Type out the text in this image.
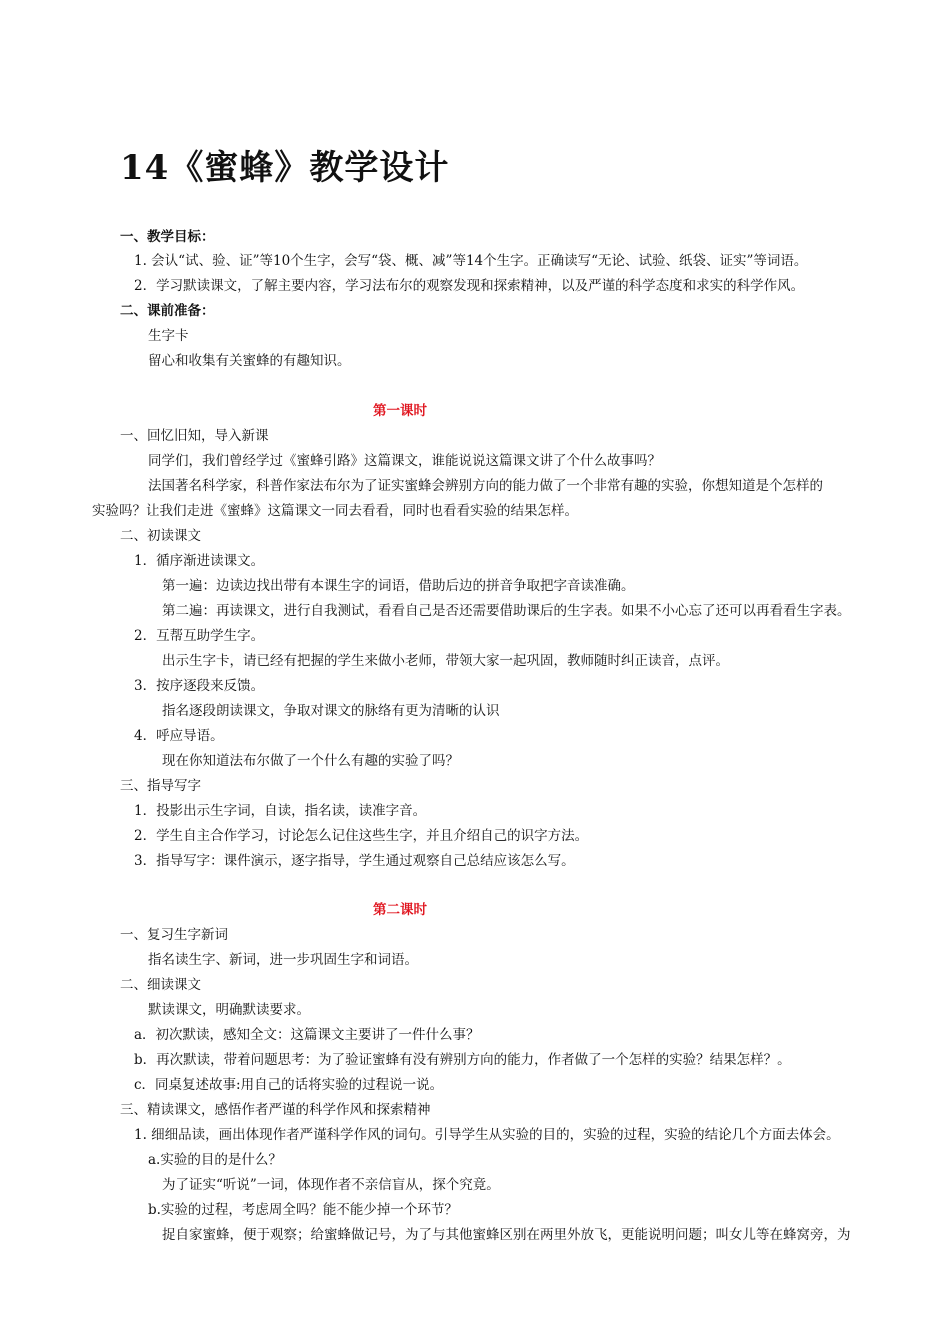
14《蜜蜂》教学设计
一、教学目标：
1. 会认“试、验、证”等10个生字，会写“袋、概、减”等14个生字。正确读写“无论、试验、纸袋、证实”等词语。
2．学习默读课文，了解主要内容，学习法布尔的观察发现和探索精神，以及严谨的科学态度和求实的科学作风。
二、课前准备：
生字卡
留心和收集有关蜜蜂的有趣知识。
第一课时
一、回忆旧知，导入新课
同学们，我们曾经学过《蜜蜂引路》这篇课文，谁能说说这篇课文讲了个什么故事吗？
法国著名科学家，科普作家法布尔为了证实蜜蜂会辨别方向的能力做了一个非常有趣的实验，你想知道是个怎样的
实验吗？让我们走进《蜜蜂》这篇课文一同去看看，同时也看看实验的结果怎样。
二、初读课文
1．循序渐进读课文。
第一遍：边读边找出带有本课生字的词语，借助后边的拼音争取把字音读准确。
第二遍：再读课文，进行自我测试，看看自己是否还需要借助课后的生字表。如果不小心忘了还可以再看看生字表。
2．互帮互助学生字。
出示生字卡，请已经有把握的学生来做小老师，带领大家一起巩固，教师随时纠正读音，点评。
3．按序逐段来反馈。
指名逐段朗读课文，争取对课文的脉络有更为清晰的认识
4．呼应导语。
现在你知道法布尔做了一个什么有趣的实验了吗？
三、指导写字
1．投影出示生字词，自读，指名读，读准字音。
2．学生自主合作学习，讨论怎么记住这些生字，并且介绍自己的识字方法。
3．指导写字：课件演示，逐字指导，学生通过观察自己总结应该怎么写。
第二课时
一、复习生字新词
指名读生字、新词，进一步巩固生字和词语。
二、细读课文
默读课文，明确默读要求。
a．初次默读，感知全文：这篇课文主要讲了一件什么事？
b．再次默读，带着问题思考：为了验证蜜蜂有没有辨别方向的能力，作者做了一个怎样的实验？结果怎样？。
c．同桌复述故事:用自己的话将实验的过程说一说。
三、精读课文，感悟作者严谨的科学作风和探索精神
1. 细细品读，画出体现作者严谨科学作风的词句。引导学生从实验的目的，实验的过程，实验的结论几个方面去体会。
a.实验的目的是什么？
为了证实“听说”一词，体现作者不亲信盲从，探个究竟。
b.实验的过程，考虑周全吗？能不能少掉一个环节？
捉自家蜜蜂，便于观察；给蜜蜂做记号，为了与其他蜜蜂区别在两里外放飞，更能说明问题；叫女儿等在蜂窝旁，为
